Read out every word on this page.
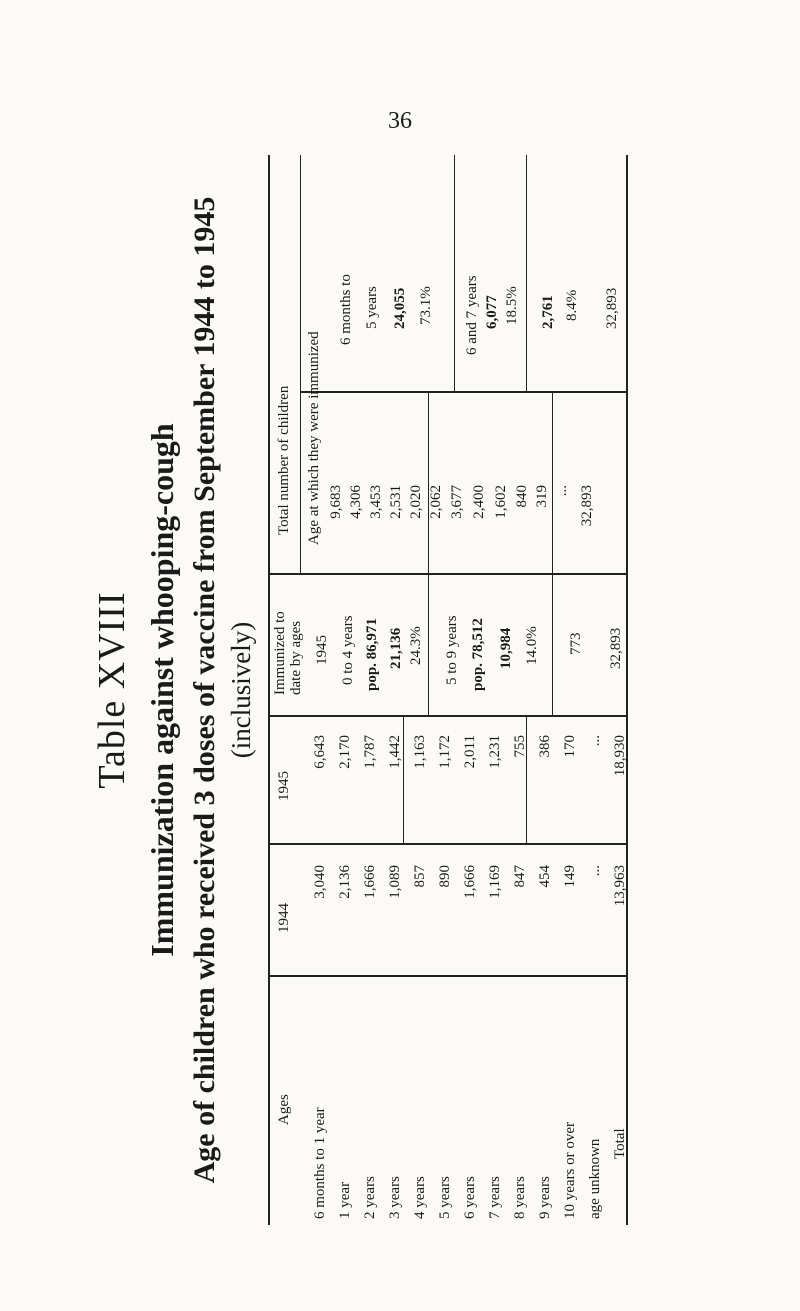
36
Table XVIII Immunization against whooping-cough Age of children who received 3 doses of vaccine from September 1944 to 1945 (inclusively)
Ages
1944
1945
Immunized to date by ages
Total number of children Age at which they were immunized
6 months to 1 year 1 year 2 years 3 years 4 years 5 years 6 years 7 years 8 years 9 years 10 years or over age unknown Total
3,040 2,136 1,666 1,089 857 890 1,666 1,169 847 454 149 ... 13,963
6,643 2,170 1,787 1,442 1,163 1,172 2,011 1,231 755 386 170 ... 18,930
1945 0 to 4 years pop. 86,971 21,136 24.3% 5 to 9 years pop. 78,512 10,984 14.0% 773 32,893
9,683 4,306 3,453 2,531 2,020 2,062 3,677 2,400 1,602 840 319 ... 32,893
6 months to 5 years 24,055 73.1% 6 and 7 years 6,077 18.5% 2,761 8.4% 32,893
